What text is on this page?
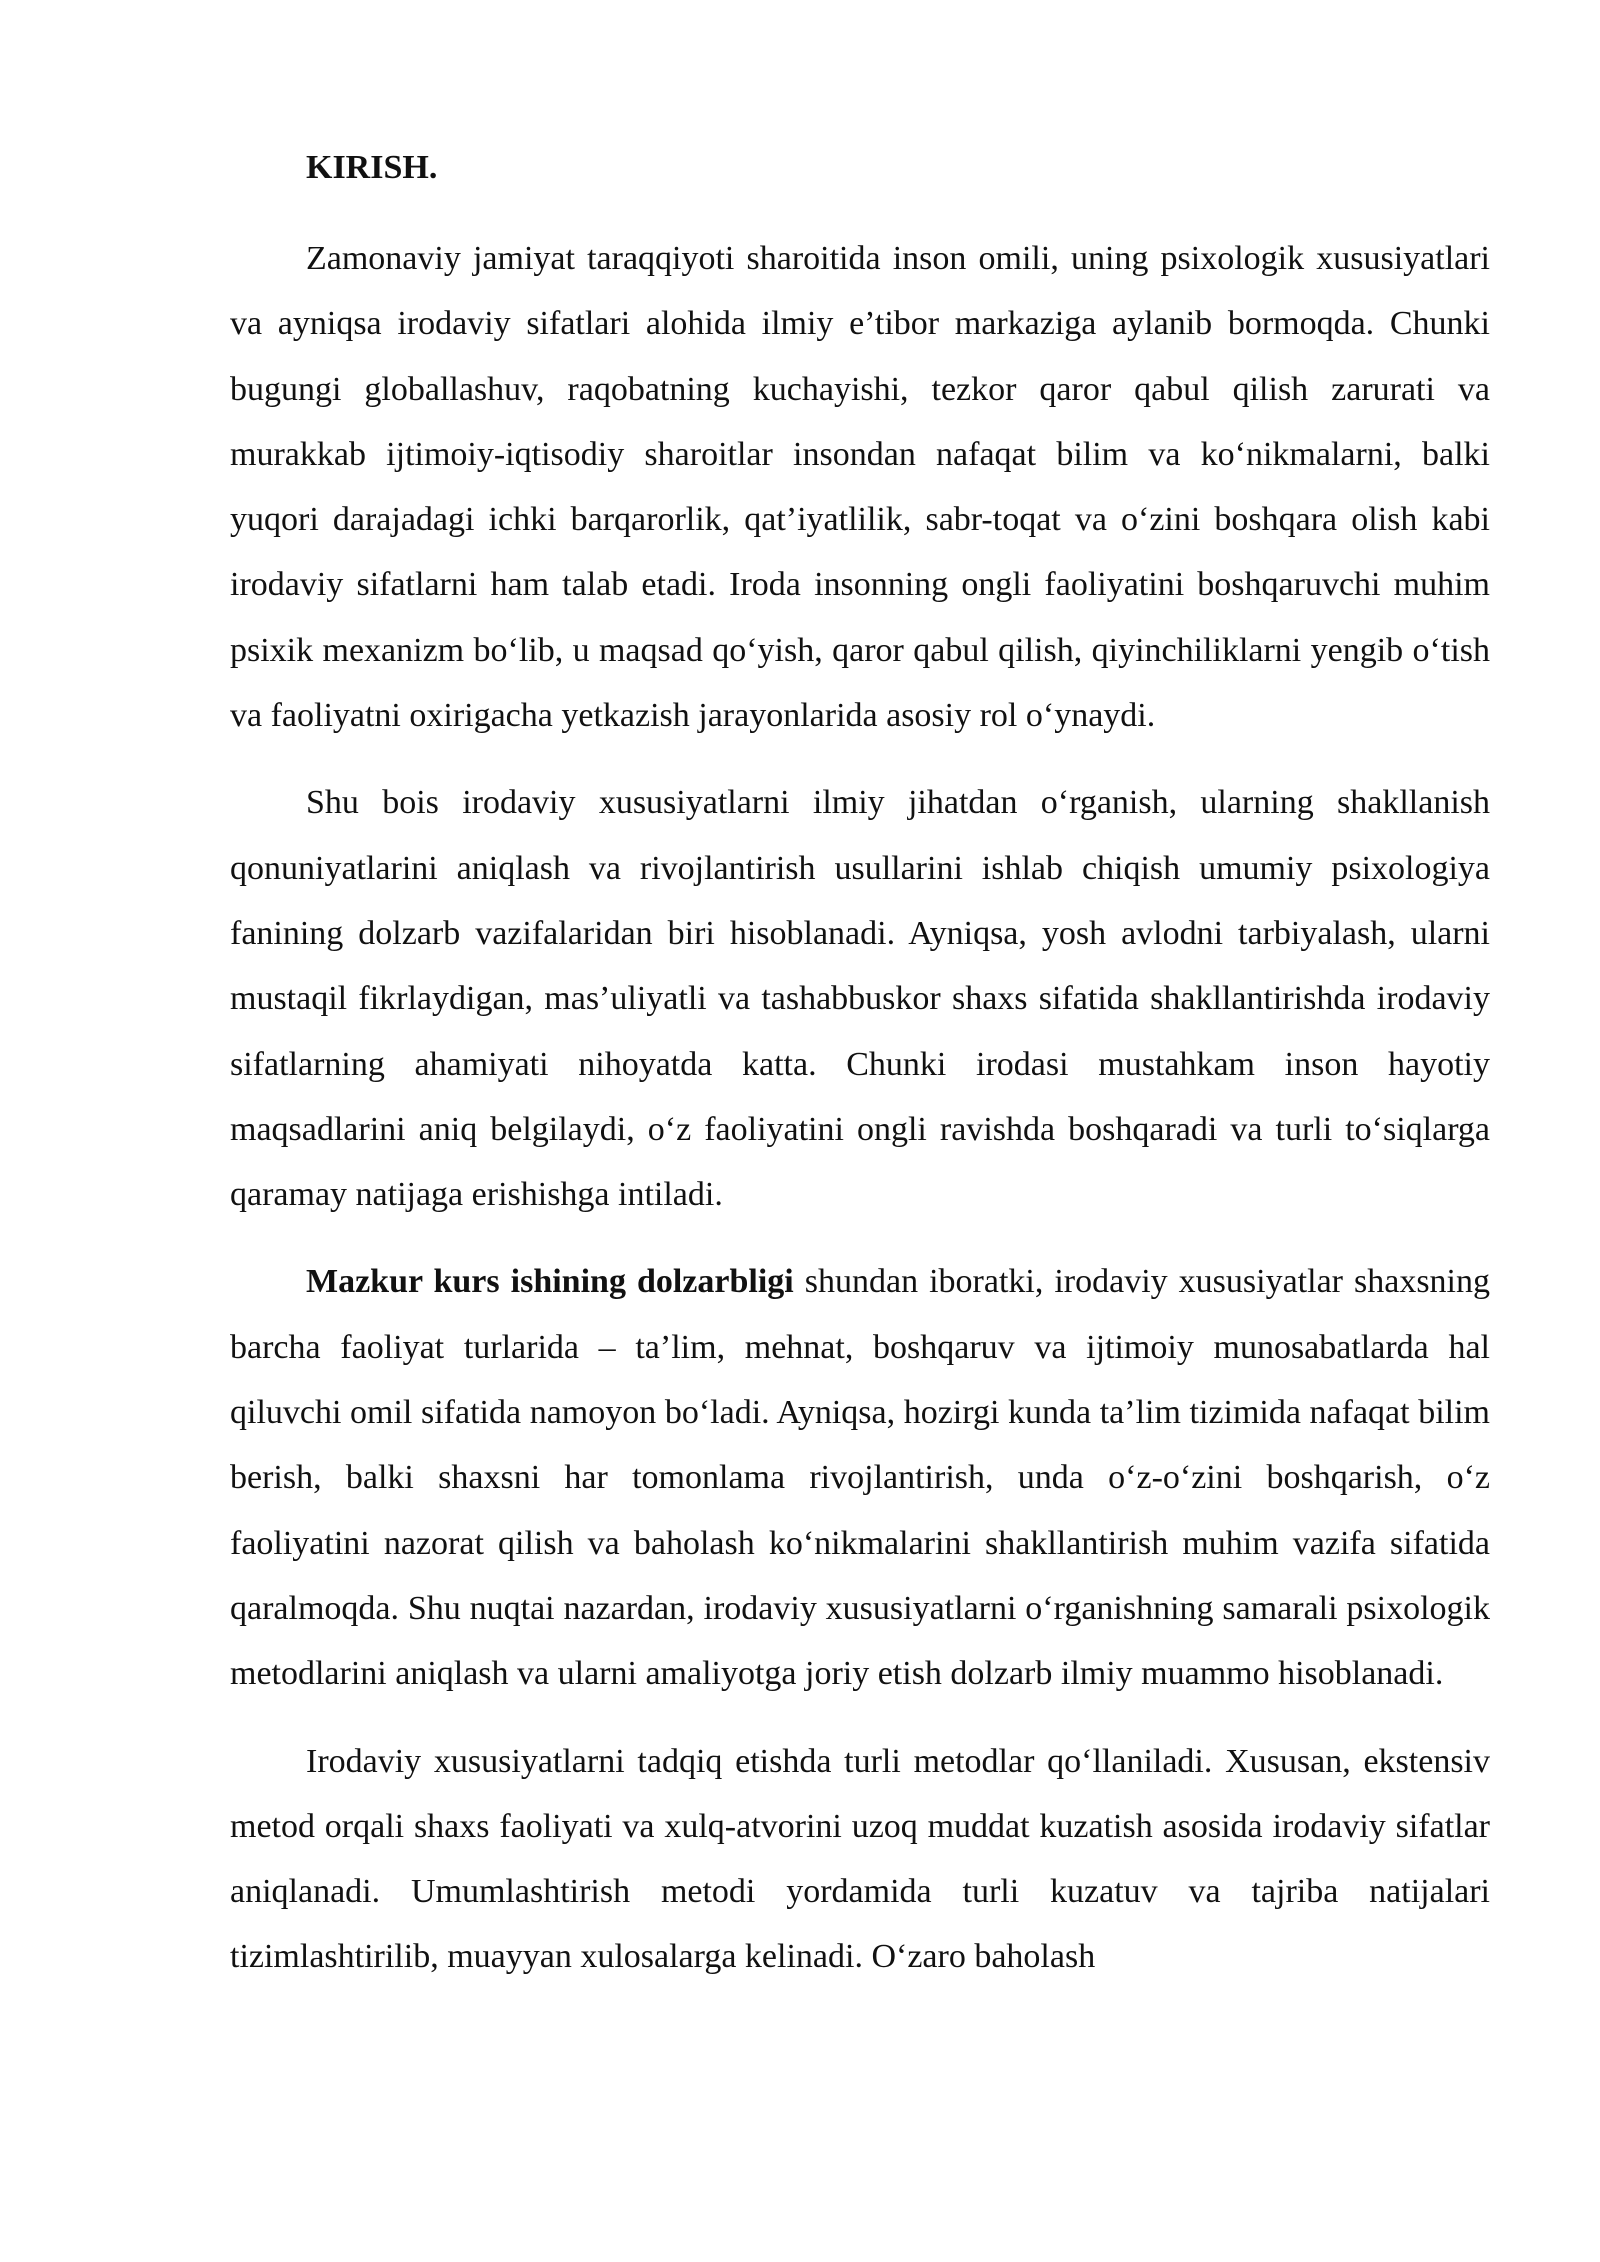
KIRISH.

Zamonaviy jamiyat taraqqiyoti sharoitida inson omili, uning psixologik xususiyatlari va ayniqsa irodaviy sifatlari alohida ilmiy e’tibor markaziga aylanib bormoqda. Chunki bugungi globallashuv, raqobatning kuchayishi, tezkor qaror qabul qilish zarurati va murakkab ijtimoiy-iqtisodiy sharoitlar insondan nafaqat bilim va ko‘nikmalarni, balki yuqori darajadagi ichki barqarorlik, qat’iyatlilik, sabr-toqat va o‘zini boshqara olish kabi irodaviy sifatlarni ham talab etadi. Iroda insonning ongli faoliyatini boshqaruvchi muhim psixik mexanizm bo‘lib, u maqsad qo‘yish, qaror qabul qilish, qiyinchiliklarni yengib o‘tish va faoliyatni oxirigacha yetkazish jarayonlarida asosiy rol o‘ynaydi.

Shu bois irodaviy xususiyatlarni ilmiy jihatdan o‘rganish, ularning shakllanish qonuniyatlarini aniqlash va rivojlantirish usullarini ishlab chiqish umumiy psixologiya fanining dolzarb vazifalaridan biri hisoblanadi. Ayniqsa, yosh avlodni tarbiyalash, ularni mustaqil fikrlaydigan, mas’uliyatli va tashabbuskor shaxs sifatida shakllantirishda irodaviy sifatlarning ahamiyati nihoyatda katta. Chunki irodasi mustahkam inson hayotiy maqsadlarini aniq belgilaydi, o‘z faoliyatini ongli ravishda boshqaradi va turli to‘siqlarga qaramay natijaga erishishga intiladi.

Mazkur kurs ishining dolzarbligi shundan iboratki, irodaviy xususiyatlar shaxsning barcha faoliyat turlarida – ta’lim, mehnat, boshqaruv va ijtimoiy munosabatlarda hal qiluvchi omil sifatida namoyon bo‘ladi. Ayniqsa, hozirgi kunda ta’lim tizimida nafaqat bilim berish, balki shaxsni har tomonlama rivojlantirish, unda o‘z-o‘zini boshqarish, o‘z faoliyatini nazorat qilish va baholash ko‘nikmalarini shakllantirish muhim vazifa sifatida qaralmoqda. Shu nuqtai nazardan, irodaviy xususiyatlarni o‘rganishning samarali psixologik metodlarini aniqlash va ularni amaliyotga joriy etish dolzarb ilmiy muammo hisoblanadi.

Irodaviy xususiyatlarni tadqiq etishda turli metodlar qo‘llaniladi. Xususan, ekstensiv metod orqali shaxs faoliyati va xulq-atvorini uzoq muddat kuzatish asosida irodaviy sifatlar aniqlanadi. Umumlashtirish metodi yordamida turli kuzatuv va tajriba natijalari tizimlashtirilib, muayyan xulosalarga kelinadi. O‘zaro baholash
